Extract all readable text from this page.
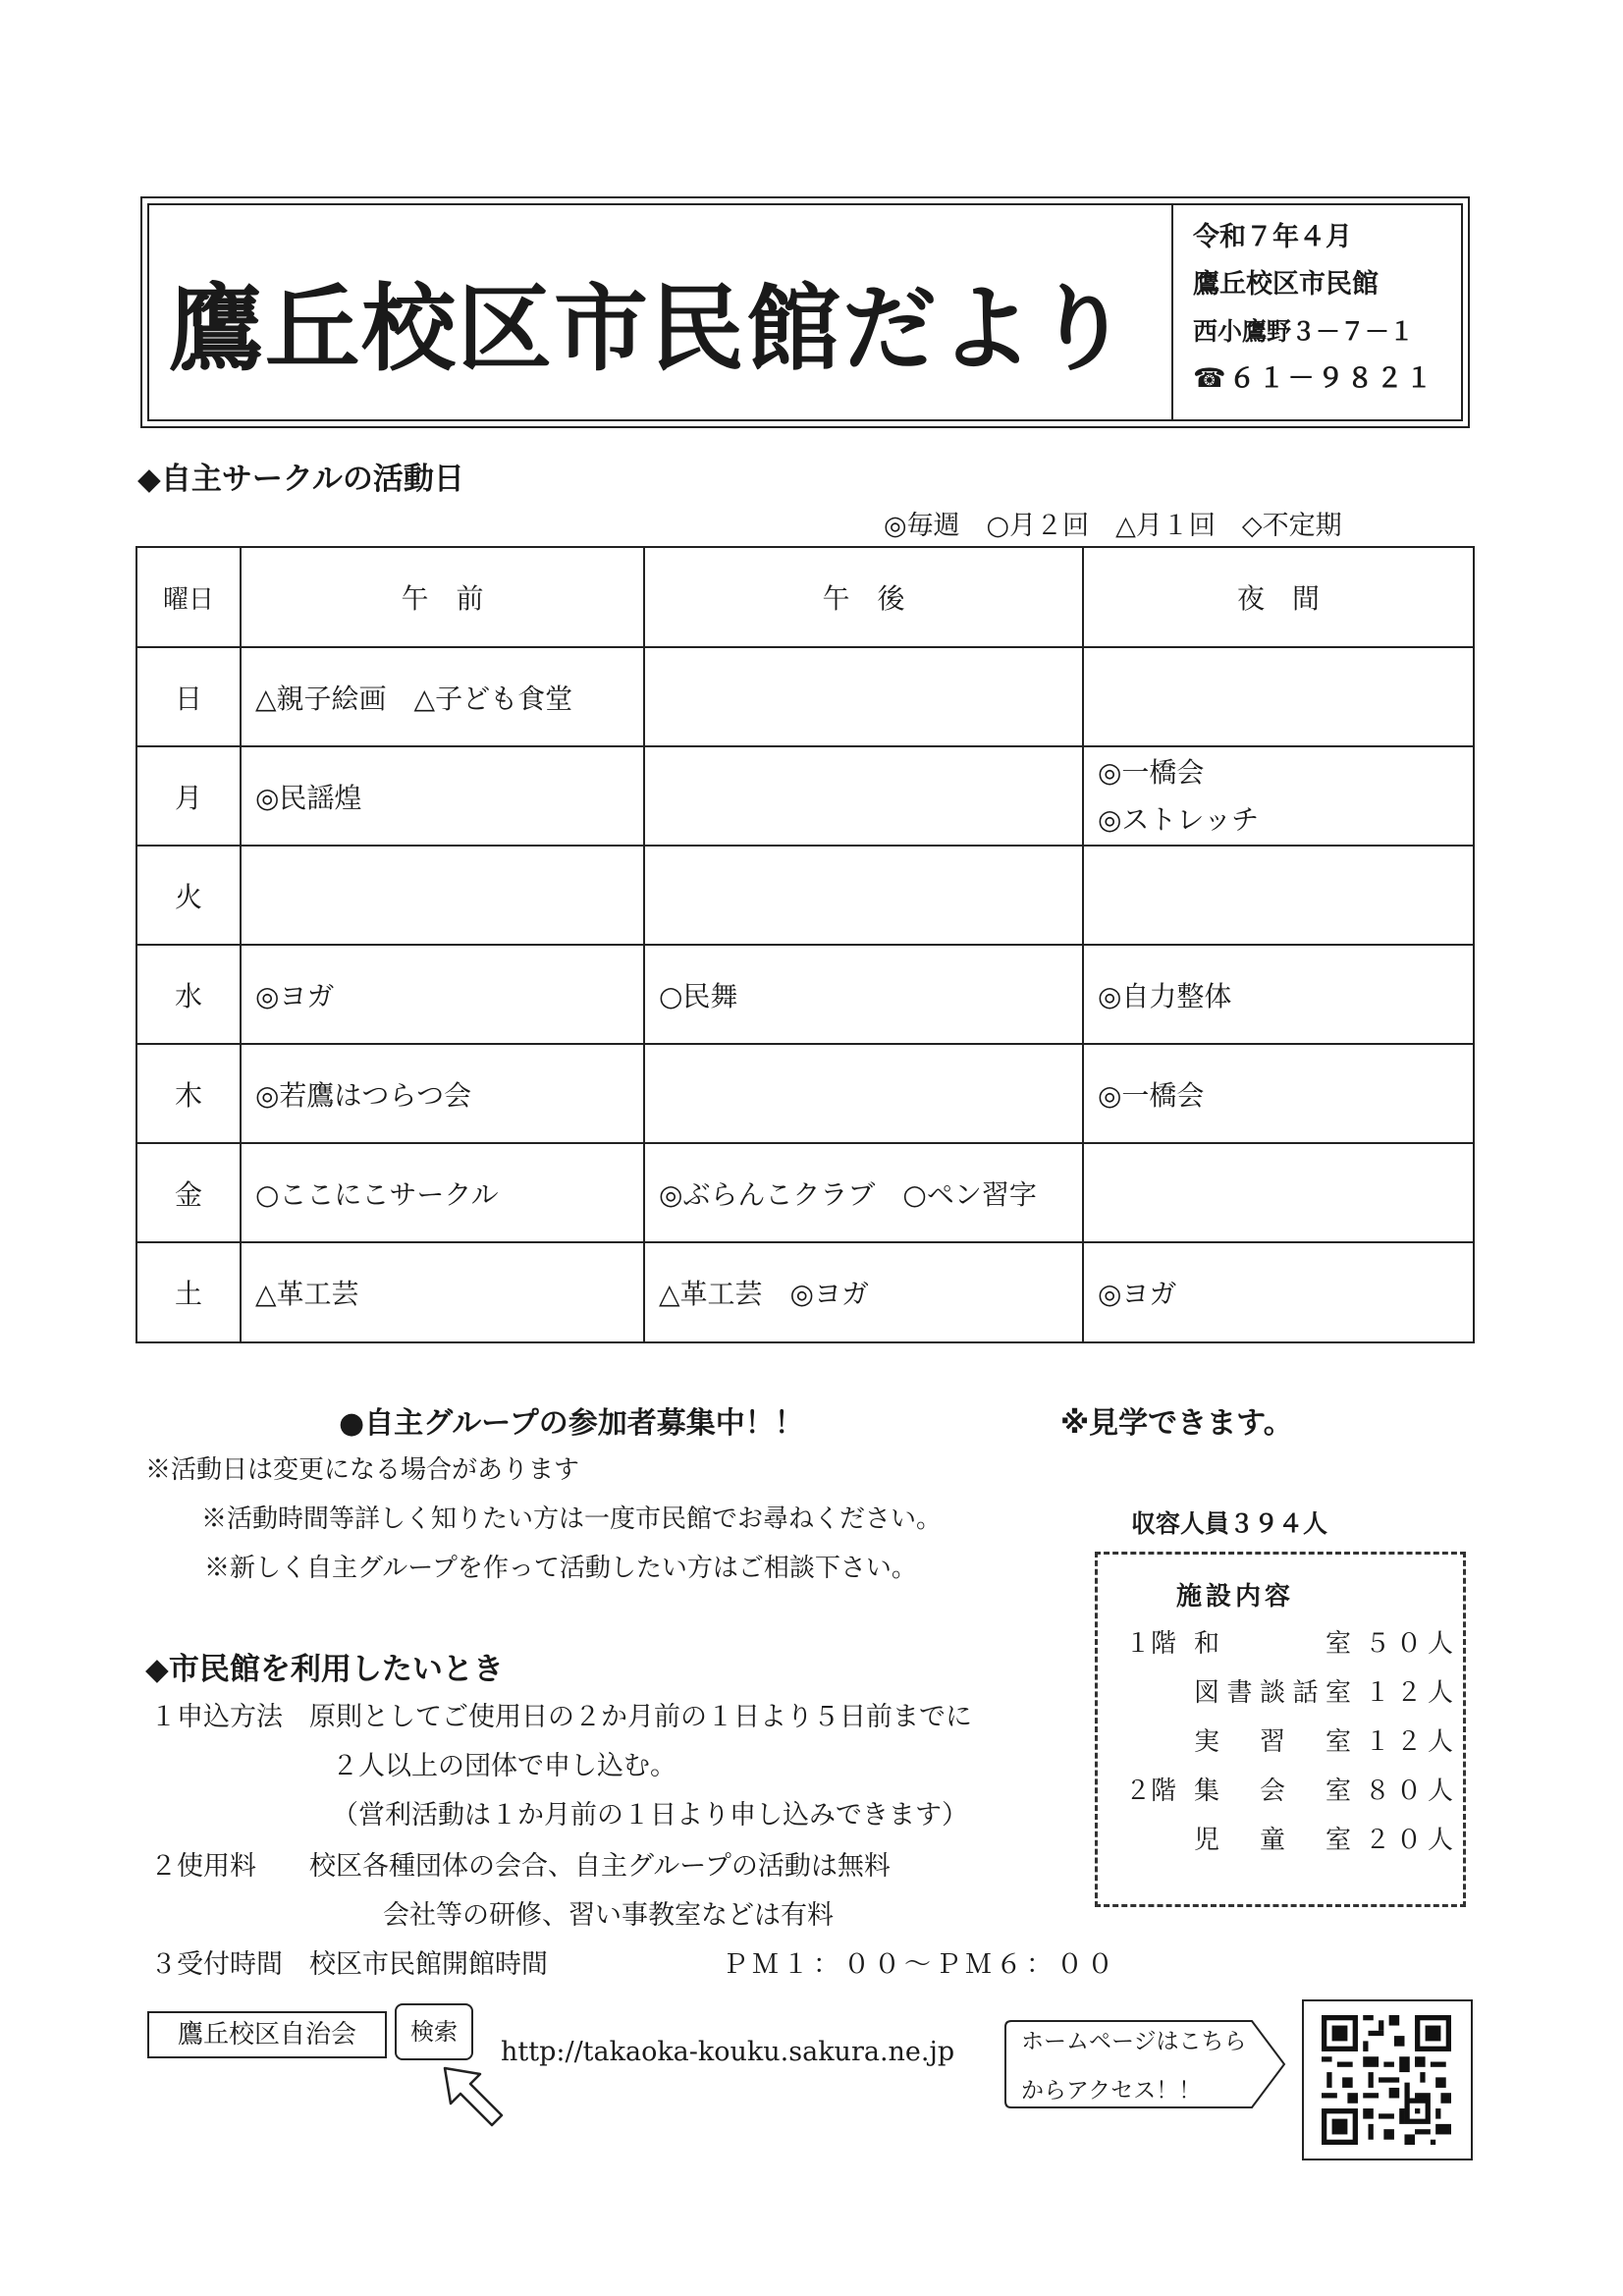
鷹丘校区市民館だより
令和７年４月
鷹丘校区市民館
西小鷹野３－７－１
☎６１－９８２１
◆自主サークルの活動日
◎毎週　○月２回　△月１回　◇不定期
曜日	午　前	午　後	夜　間
日	△親子絵画　△子ども食堂		
月	◎民謡煌		◎一橋会
◎ストレッチ
火			
水	◎ヨガ	○民舞	◎自力整体
木	◎若鷹はつらつ会		◎一橋会
金	○ここにこサークル	◎ぶらんこクラブ　○ペン習字	
土	△革工芸	△革工芸　◎ヨガ	◎ヨガ
●自主グループの参加者募集中！！	※見学できます。
※活動日は変更になる場合があります
※活動時間等詳しく知りたい方は一度市民館でお尋ねください。
※新しく自主グループを作って活動したい方はご相談下さい。
収容人員３９４人
施設内容
１階 和室 ５０人
図書談話室 １２人
実習室 １２人
２階 集会室 ８０人
児童室 ２０人
◆市民館を利用したいとき
１申込方法　原則としてご使用日の２か月前の１日より５日前までに
２人以上の団体で申し込む。
（営利活動は１か月前の１日より申し込みできます）
２使用料　　校区各種団体の会合、自主グループの活動は無料
会社等の研修、習い事教室などは有料
３受付時間　校区市民館開館時間	ＰＭ１：００～ＰＭ６：００
鷹丘校区自治会	検索
http://takaoka-kouku.sakura.ne.jp	ホームページはこちら
からアクセス！！
